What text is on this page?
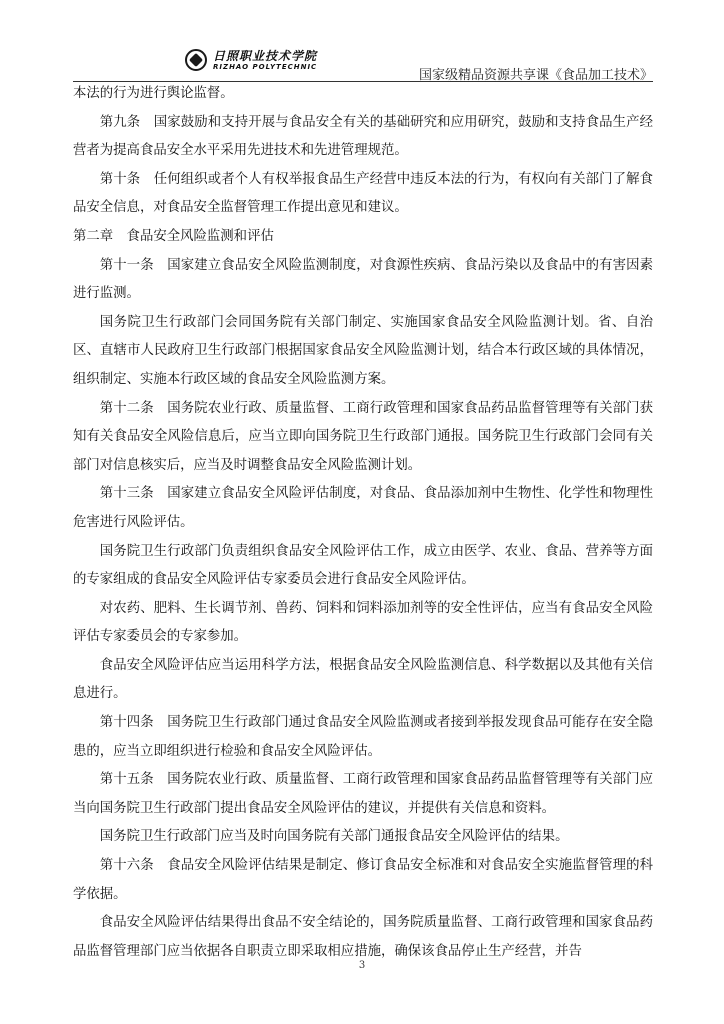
日照职业技术学院
RIZHAO POLYTECHNIC
国家级精品资源共享课《食品加工技术》

本法的行为进行舆论监督。

第九条　国家鼓励和支持开展与食品安全有关的基础研究和应用研究，鼓励和支持食品生产经营者为提高食品安全水平采用先进技术和先进管理规范。

第十条　任何组织或者个人有权举报食品生产经营中违反本法的行为，有权向有关部门了解食品安全信息，对食品安全监督管理工作提出意见和建议。

第二章　食品安全风险监测和评估

第十一条　国家建立食品安全风险监测制度，对食源性疾病、食品污染以及食品中的有害因素进行监测。

国务院卫生行政部门会同国务院有关部门制定、实施国家食品安全风险监测计划。省、自治区、直辖市人民政府卫生行政部门根据国家食品安全风险监测计划，结合本行政区域的具体情况，组织制定、实施本行政区域的食品安全风险监测方案。

第十二条　国务院农业行政、质量监督、工商行政管理和国家食品药品监督管理等有关部门获知有关食品安全风险信息后，应当立即向国务院卫生行政部门通报。国务院卫生行政部门会同有关部门对信息核实后，应当及时调整食品安全风险监测计划。

第十三条　国家建立食品安全风险评估制度，对食品、食品添加剂中生物性、化学性和物理性危害进行风险评估。

国务院卫生行政部门负责组织食品安全风险评估工作，成立由医学、农业、食品、营养等方面的专家组成的食品安全风险评估专家委员会进行食品安全风险评估。

对农药、肥料、生长调节剂、兽药、饲料和饲料添加剂等的安全性评估，应当有食品安全风险评估专家委员会的专家参加。

食品安全风险评估应当运用科学方法，根据食品安全风险监测信息、科学数据以及其他有关信息进行。

第十四条　国务院卫生行政部门通过食品安全风险监测或者接到举报发现食品可能存在安全隐患的，应当立即组织进行检验和食品安全风险评估。

第十五条　国务院农业行政、质量监督、工商行政管理和国家食品药品监督管理等有关部门应当向国务院卫生行政部门提出食品安全风险评估的建议，并提供有关信息和资料。

国务院卫生行政部门应当及时向国务院有关部门通报食品安全风险评估的结果。

第十六条　食品安全风险评估结果是制定、修订食品安全标准和对食品安全实施监督管理的科学依据。

食品安全风险评估结果得出食品不安全结论的，国务院质量监督、工商行政管理和国家食品药品监督管理部门应当依据各自职责立即采取相应措施，确保该食品停止生产经营，并告

3
